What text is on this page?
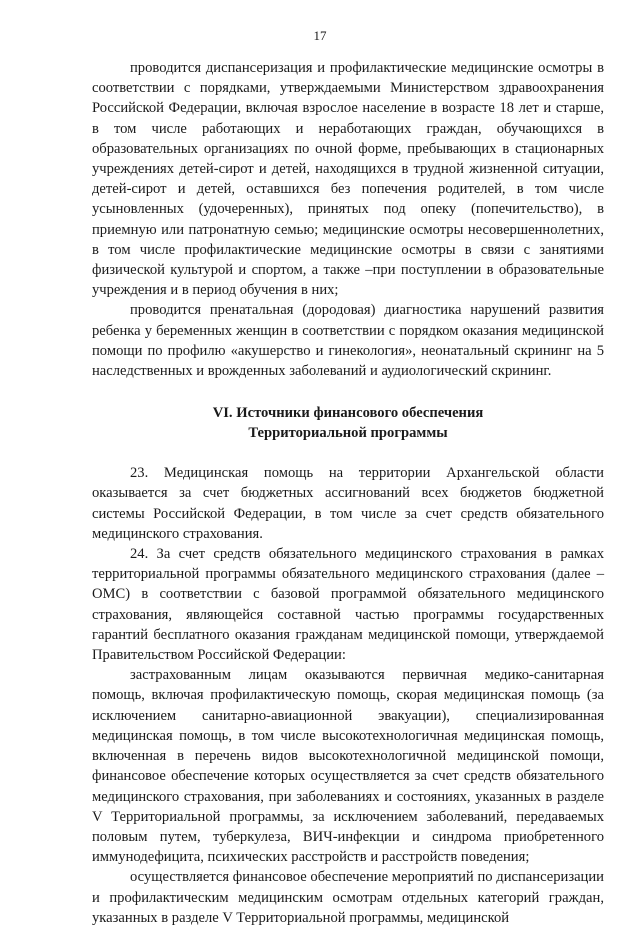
17

проводится диспансеризация и профилактические медицинские осмотры в соответствии с порядками, утверждаемыми Министерством здравоохранения Российской Федерации, включая взрослое население в возрасте 18 лет и старше, в том числе работающих и неработающих граждан, обучающихся в образовательных организациях по очной форме, пребывающих в стационарных учреждениях детей-сирот и детей, находящихся в трудной жизненной ситуации, детей-сирот и детей, оставшихся без попечения родителей, в том числе усыновленных (удочеренных), принятых под опеку (попечительство), в приемную или патронатную семью; медицинские осмотры несовершеннолетних, в том числе профилактические медицинские осмотры в связи с занятиями физической культурой и спортом, а также –при поступлении в образовательные учреждения и в период обучения в них;

проводится пренатальная (дородовая) диагностика нарушений развития ребенка у беременных женщин в соответствии с порядком оказания медицинской помощи по профилю «акушерство и гинекология», неонатальный скрининг на 5 наследственных и врожденных заболеваний и аудиологический скрининг.

VI. Источники финансового обеспечения
Территориальной программы

23. Медицинская помощь на территории Архангельской области оказывается за счет бюджетных ассигнований всех бюджетов бюджетной системы Российской Федерации, в том числе за счет средств обязательного медицинского страхования.

24. За счет средств обязательного медицинского страхования в рамках территориальной программы обязательного медицинского страхования (далее – ОМС) в соответствии с базовой программой обязательного медицинского страхования, являющейся составной частью программы государственных гарантий бесплатного оказания гражданам медицинской помощи, утверждаемой Правительством Российской Федерации:

застрахованным лицам оказываются первичная медико-санитарная помощь, включая профилактическую помощь, скорая медицинская помощь (за исключением санитарно-авиационной эвакуации), специализированная медицинская помощь, в том числе высокотехнологичная медицинская помощь, включенная в перечень видов высокотехнологичной медицинской помощи, финансовое обеспечение которых осуществляется за счет средств обязательного медицинского страхования, при заболеваниях и состояниях, указанных в разделе V Территориальной программы, за исключением заболеваний, передаваемых половым путем, туберкулеза, ВИЧ-инфекции и синдрома приобретенного иммунодефицита, психических расстройств и расстройств поведения;

осуществляется финансовое обеспечение мероприятий по диспансеризации и профилактическим медицинским осмотрам отдельных категорий граждан, указанных в разделе V Территориальной программы, медицинской
